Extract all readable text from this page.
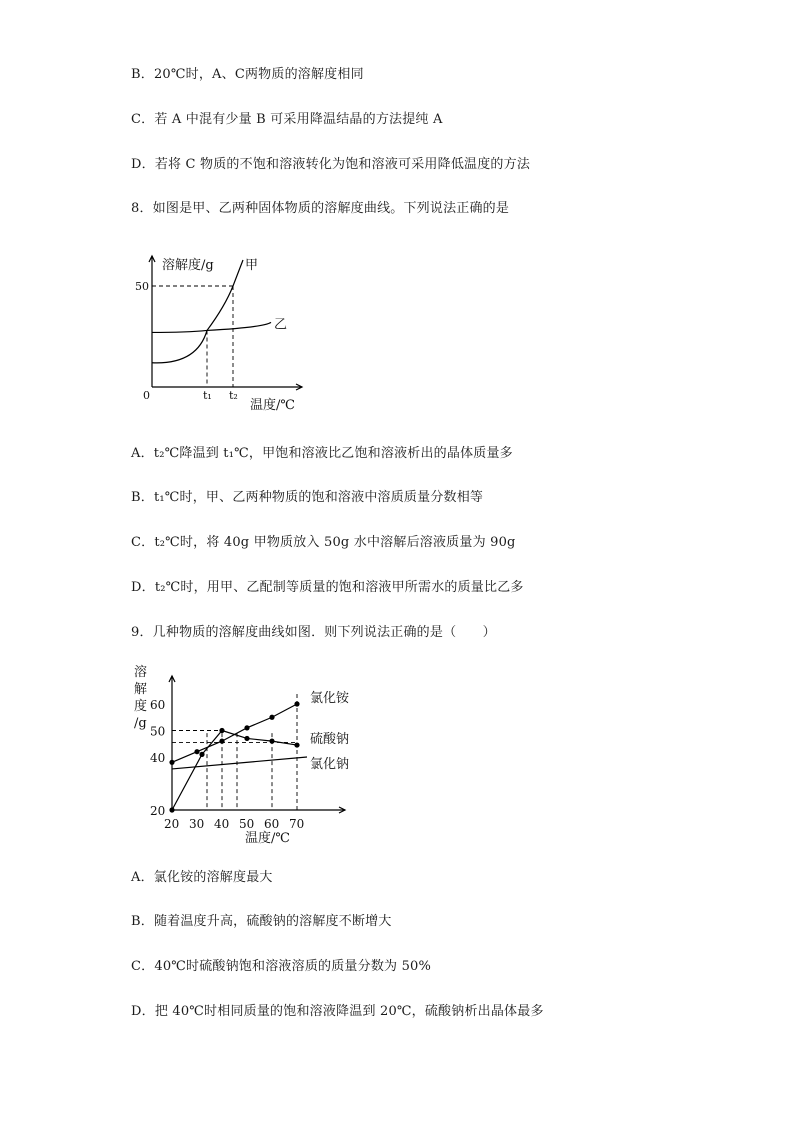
B．20℃时，A、C两物质的溶解度相同
C．若 A 中混有少量 B 可采用降温结晶的方法提纯 A
D．若将 C 物质的不饱和溶液转化为饱和溶液可采用降低温度的方法
8．如图是甲、乙两种固体物质的溶解度曲线。下列说法正确的是
溶解度/g
温度/℃
0
50
t₁ t₂
甲
乙
A．t₂℃降温到 t₁℃，甲饱和溶液比乙饱和溶液析出的晶体质量多
B．t₁℃时，甲、乙两种物质的饱和溶液中溶质质量分数相等
C．t₂℃时，将 40g 甲物质放入 50g 水中溶解后溶液质量为 90g
D．t₂℃时，用甲、乙配制等质量的饱和溶液甲所需水的质量比乙多
9．几种物质的溶解度曲线如图．则下列说法正确的是（　　）
溶
解
度
/g
温度/℃
20
40
50
60
20 30 40 50 60 70
氯化铵
硫酸钠
氯化钠
A．氯化铵的溶解度最大
B．随着温度升高，硫酸钠的溶解度不断增大
C．40℃时硫酸钠饱和溶液溶质的质量分数为 50%
D．把 40℃时相同质量的饱和溶液降温到 20℃，硫酸钠析出晶体最多
